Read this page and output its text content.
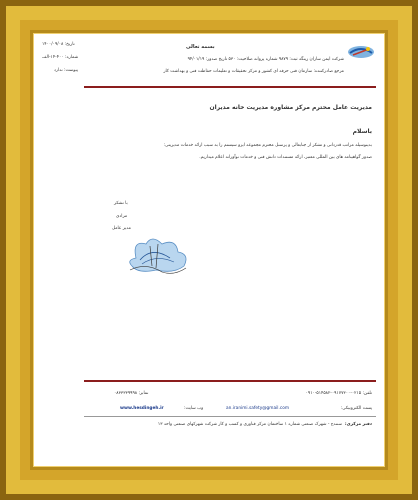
بسمه تعالی
تاریخ: ۱۴۰۰/۰۹/۰۸
شماره: ۴۰۰-۱۴-الف
پیوست: ندارد
شرکت ایمن سازان زینگه ثبت: ۹۸۷۹ شماره پروانه صلاحیت: ۵۳۰ تاریخ صدور: ۹۴/۰۱/۱۹
مرجع صادرکننده: سازمان فنی حرفه ای کشور و مرکز تحقیقات و تعلیمات حفاظت فنی و بهداشت کار
مدیریت عامل محترم مرکز مشاوره مدیریت خانه مدیران
باسلام
بدینوسیله مراتب قدردانی و تشکر از جنابعالی و پرسنل محترم مجموعه ایزو سیستم را به سبب ارائه خدمات مدیریتی:
صدور گواهینامه های بین المللی معتبر، ارائه مستندات دانش فنی و خدمات نوآورانه اعلام میداریم.
با تشکر
مرادی
مدیر عامل
تلفن: ۰۲۱۵-۰۹۱۷۷۳۰۰-۵۱۴۵۸۲-۰۹۱۰
نمابر: ۰۸۳۳۳۳۹۹۹۸
پست الکترونیکی:
an.iranimi.safety@gmail.com
وب سایت:
www.hesdingeh.ir
دفتر مرکزی:
سنندج - شهرک صنعتی شماره ۱ ساختمان مرکز فناوری و کسب و کار شرکت شهرکهای صنعتی واحد ۱۳
